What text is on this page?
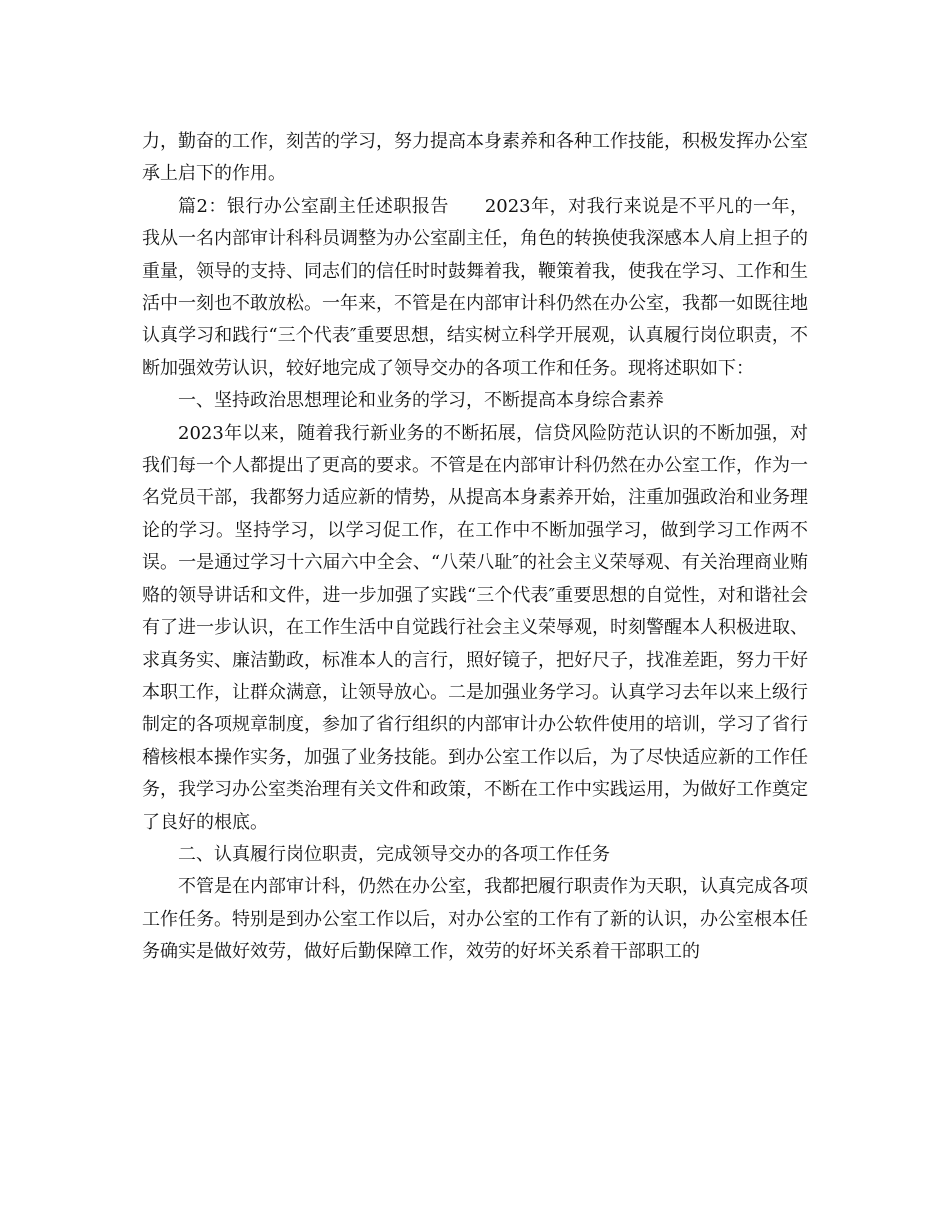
力，勤奋的工作，刻苦的学习，努力提高本身素养和各种工作技能，积极发挥办公室承上启下的作用。

篇2：银行办公室副主任述职报告 2023年，对我行来说是不平凡的一年，我从一名内部审计科科员调整为办公室副主任，角色的转换使我深感本人肩上担子的重量，领导的支持、同志们的信任时时鼓舞着我，鞭策着我，使我在学习、工作和生活中一刻也不敢放松。一年来，不管是在内部审计科仍然在办公室，我都一如既往地认真学习和践行“三个代表″重要思想，结实树立科学开展观，认真履行岗位职责，不断加强效劳认识，较好地完成了领导交办的各项工作和任务。现将述职如下：

一、坚持政治思想理论和业务的学习，不断提高本身综合素养

2023年以来，随着我行新业务的不断拓展，信贷风险防范认识的不断加强，对我们每一个人都提出了更高的要求。不管是在内部审计科仍然在办公室工作，作为一名党员干部，我都努力适应新的情势，从提高本身素养开始，注重加强政治和业务理论的学习。坚持学习，以学习促工作，在工作中不断加强学习，做到学习工作两不误。一是通过学习十六届六中全会、“八荣八耻″的社会主义荣辱观、有关治理商业贿赂的领导讲话和文件，进一步加强了实践“三个代表″重要思想的自觉性，对和谐社会有了进一步认识，在工作生活中自觉践行社会主义荣辱观，时刻警醒本人积极进取、求真务实、廉洁勤政，标准本人的言行，照好镜子，把好尺子，找准差距，努力干好本职工作，让群众满意，让领导放心。二是加强业务学习。认真学习去年以来上级行制定的各项规章制度，参加了省行组织的内部审计办公软件使用的培训，学习了省行稽核根本操作实务，加强了业务技能。到办公室工作以后，为了尽快适应新的工作任务，我学习办公室类治理有关文件和政策，不断在工作中实践运用，为做好工作奠定了良好的根底。

二、认真履行岗位职责，完成领导交办的各项工作任务

不管是在内部审计科，仍然在办公室，我都把履行职责作为天职，认真完成各项工作任务。特别是到办公室工作以后，对办公室的工作有了新的认识，办公室根本任务确实是做好效劳，做好后勤保障工作，效劳的好坏关系着干部职工的
